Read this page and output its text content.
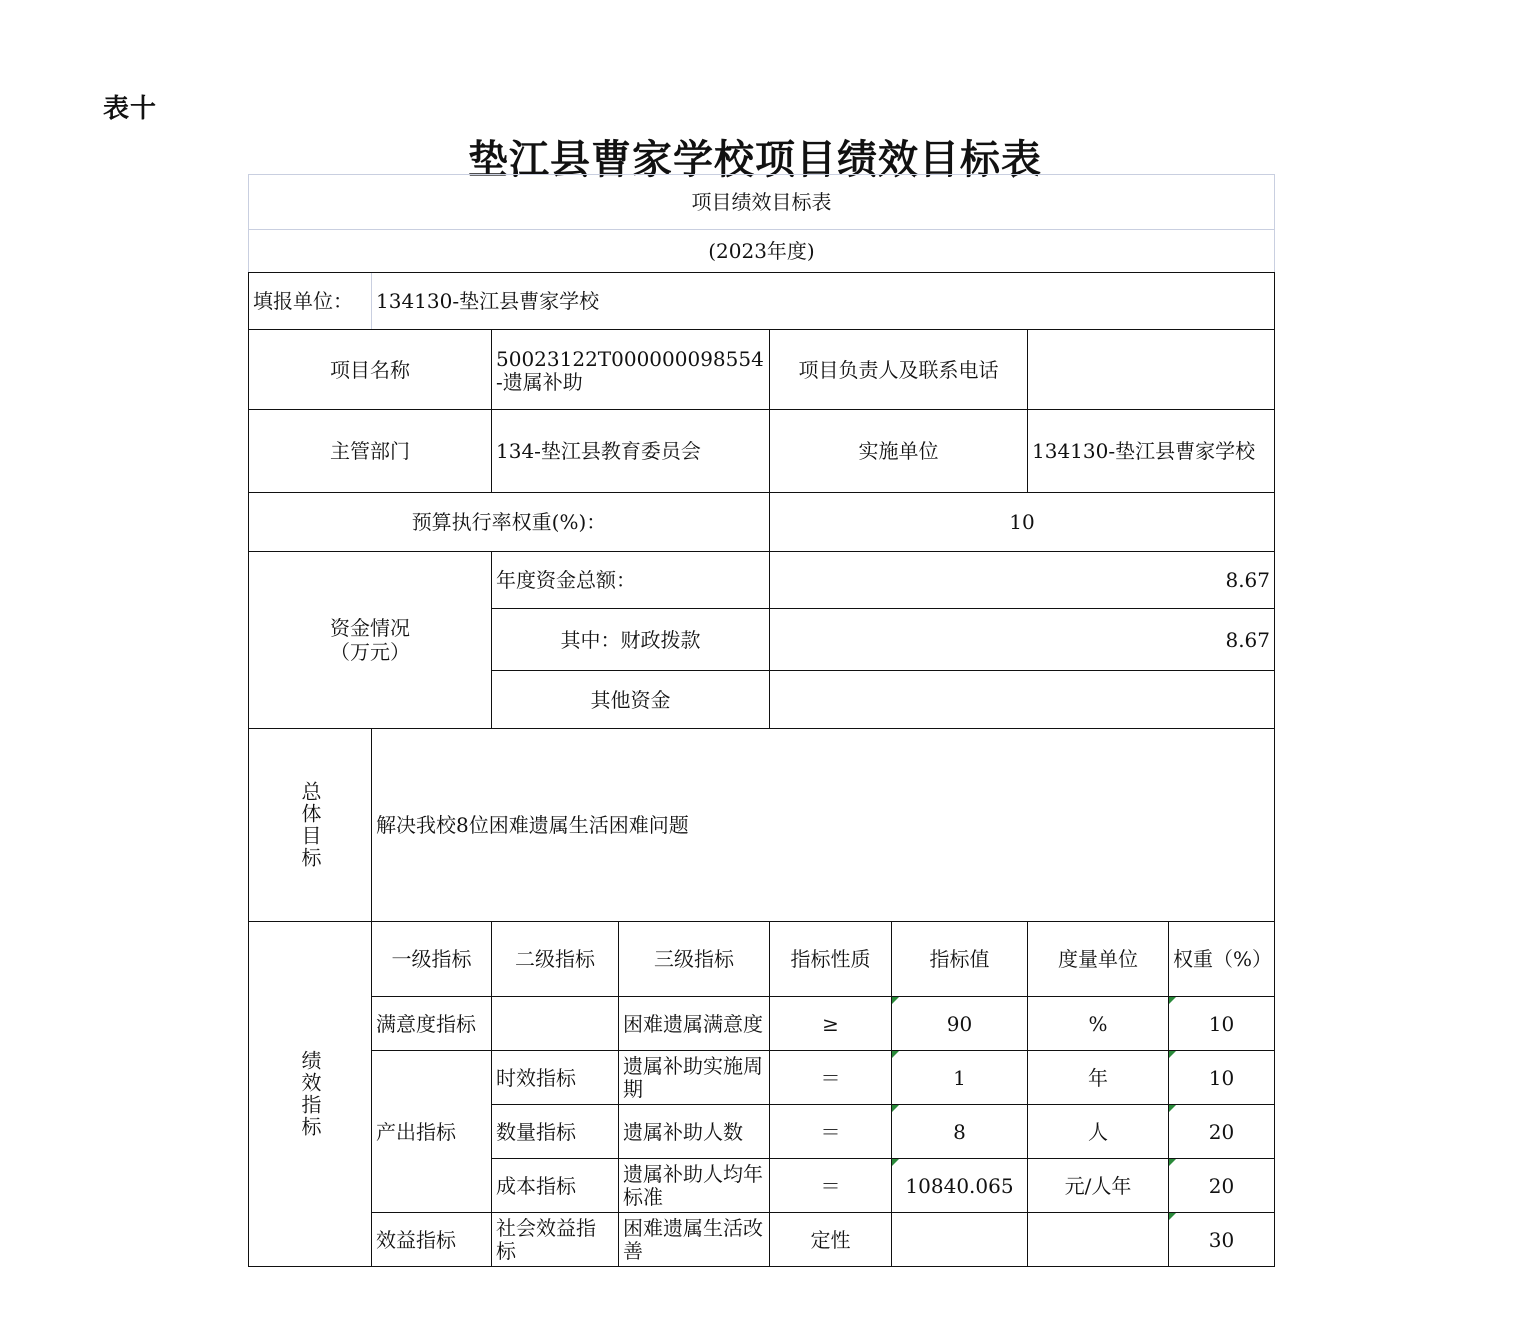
表十
垫江县曹家学校项目绩效目标表
项目绩效目标表							
(2023年度)							
填报单位：	134130-垫江县曹家学校						
项目名称		50023122T000000098554-遗属补助		项目负责人及联系电话			
主管部门		134-垫江县教育委员会		实施单位		134130-垫江县曹家学校	
预算执行率权重(%)：				10			

资金情况
（万元）		年度资金总额：		8.67			
		其中：财政拨款		8.67			
		其他资金					

总体目标	解决我校8位困难遗属生活困难问题						

绩效指标	一级指标	二级指标	三级指标	指标性质	指标值	度量单位	权重（%）
	满意度指标		困难遗属满意度	≥	90	%	10
	产出指标	时效指标	遗属补助实施周期	＝	1	年	10
		数量指标	遗属补助人数	＝	8	人	20
		成本指标	遗属补助人均年标准	＝	10840.065	元/人年	20
	效益指标	社会效益指标	困难遗属生活改善	定性			30
